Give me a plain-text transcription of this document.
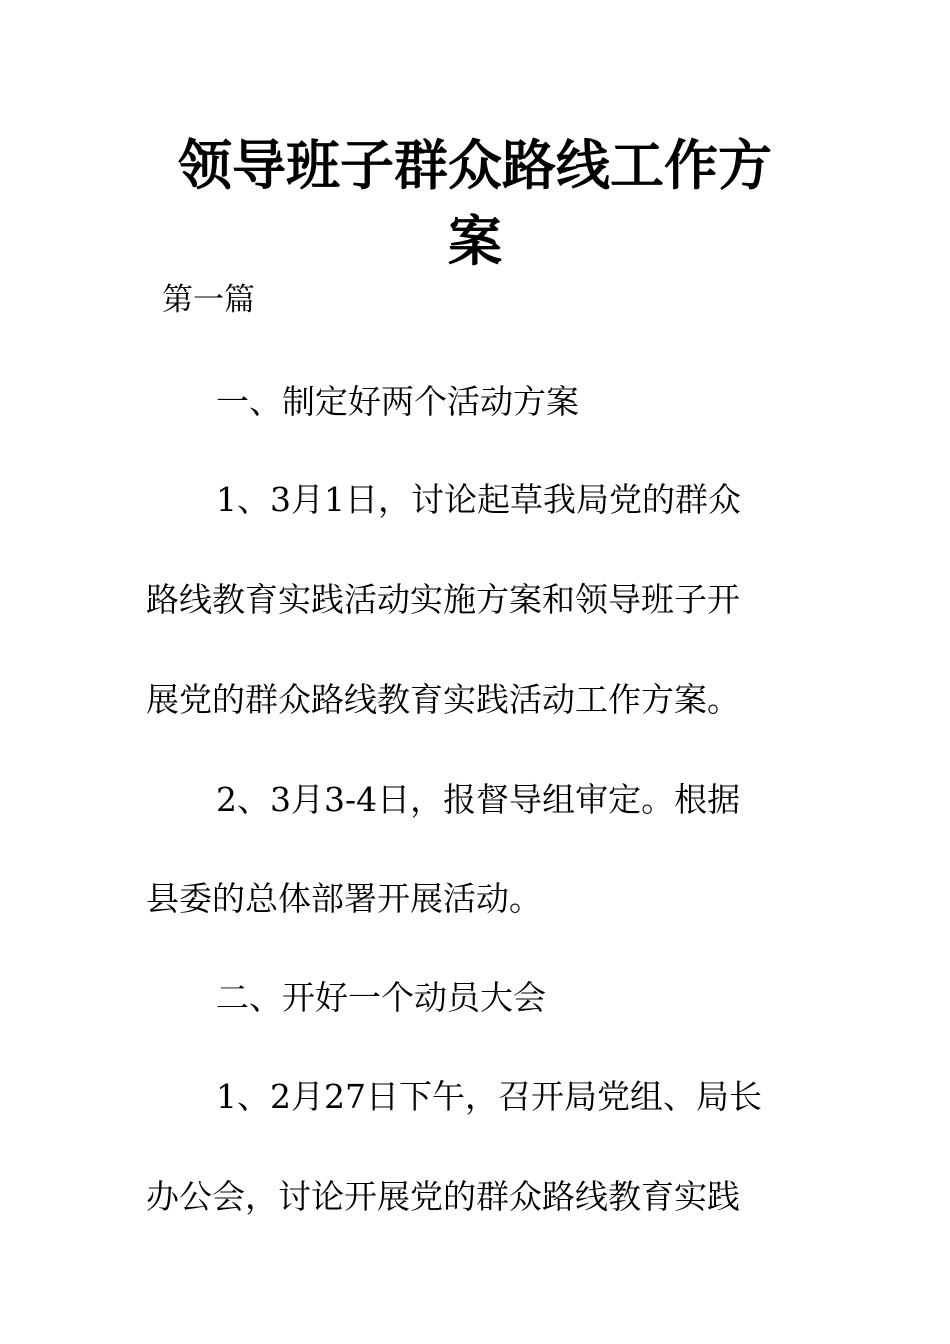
领导班子群众路线工作方
案

第一篇

一、制定好两个活动方案

1、3月1日，讨论起草我局党的群众

路线教育实践活动实施方案和领导班子开

展党的群众路线教育实践活动工作方案。

2、3月3-4日，报督导组审定。根据

县委的总体部署开展活动。

二、开好一个动员大会

1、2月27日下午，召开局党组、局长

办公会，讨论开展党的群众路线教育实践
